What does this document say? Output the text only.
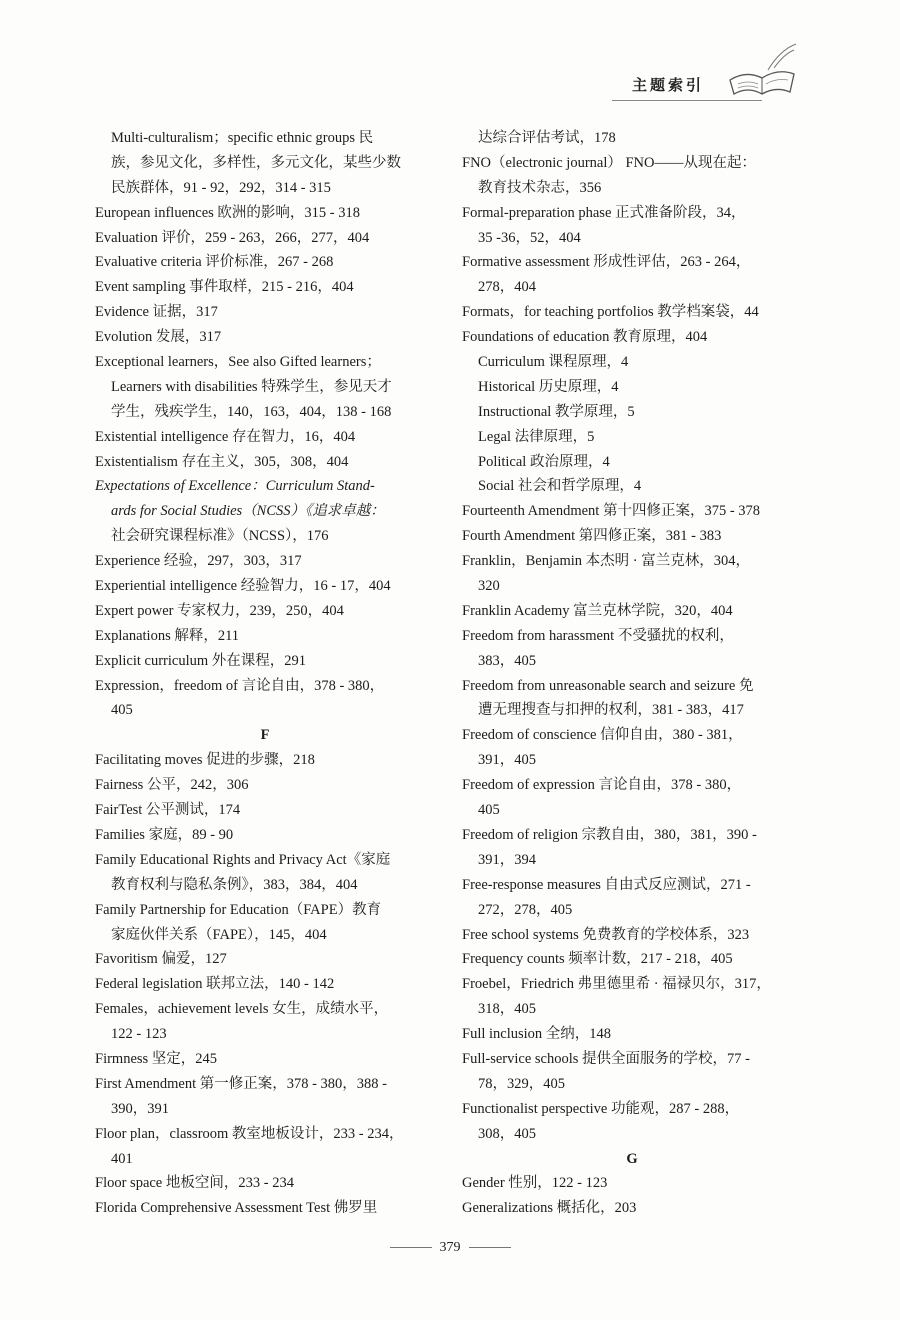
主题索引
Multi-culturalism；specific ethnic groups 民
族，参见文化，多样性，多元文化，某些少数
民族群体，91 - 92，292，314 - 315
European influences 欧洲的影响，315 - 318
Evaluation 评价，259 - 263，266，277，404
Evaluative criteria 评价标准，267 - 268
Event sampling 事件取样，215 - 216，404
Evidence 证据，317
Evolution 发展，317
Exceptional learners，See also Gifted learners；
Learners with disabilities 特殊学生，参见天才
学生，残疾学生，140，163，404，138 - 168
Existential intelligence 存在智力，16，404
Existentialism 存在主义，305，308，404
Expectations of Excellence：Curriculum Stand-
ards for Social Studies（NCSS）《追求卓越：
社会研究课程标准》（NCSS），176
Experience 经验，297，303，317
Experiential intelligence 经验智力，16 - 17，404
Expert power 专家权力，239，250，404
Explanations 解释，211
Explicit curriculum 外在课程，291
Expression，freedom of 言论自由，378 - 380，
405
F
Facilitating moves 促进的步骤，218
Fairness 公平，242，306
FairTest 公平测试，174
Families 家庭，89 - 90
Family Educational Rights and Privacy Act《家庭
教育权利与隐私条例》，383，384，404
Family Partnership for Education（FAPE）教育
家庭伙伴关系（FAPE），145，404
Favoritism 偏爱，127
Federal legislation 联邦立法，140 - 142
Females，achievement levels 女生，成绩水平，
122 - 123
Firmness 坚定，245
First Amendment 第一修正案，378 - 380，388 -
390，391
Floor plan，classroom 教室地板设计，233 - 234，
401
Floor space 地板空间，233 - 234
Florida Comprehensive Assessment Test 佛罗里
达综合评估考试，178
FNO（electronic journal） FNO——从现在起：
教育技术杂志，356
Formal-preparation phase 正式准备阶段，34，
35 -36，52，404
Formative assessment 形成性评估，263 - 264，
278，404
Formats，for teaching portfolios 教学档案袋，44
Foundations of education 教育原理，404
Curriculum 课程原理，4
Historical 历史原理，4
Instructional 教学原理，5
Legal 法律原理，5
Political 政治原理，4
Social 社会和哲学原理，4
Fourteenth Amendment 第十四修正案，375 - 378
Fourth Amendment 第四修正案，381 - 383
Franklin，Benjamin 本杰明 · 富兰克林，304，
320
Franklin Academy 富兰克林学院，320，404
Freedom from harassment 不受骚扰的权利，
383，405
Freedom from unreasonable search and seizure 免
遭无理搜查与扣押的权利，381 - 383，417
Freedom of conscience 信仰自由，380 - 381，
391，405
Freedom of expression 言论自由，378 - 380，
405
Freedom of religion 宗教自由，380，381，390 -
391，394
Free-response measures 自由式反应测试，271 -
272，278，405
Free school systems 免费教育的学校体系，323
Frequency counts 频率计数，217 - 218，405
Froebel，Friedrich 弗里德里希 · 福禄贝尔，317，
318，405
Full inclusion 全纳，148
Full-service schools 提供全面服务的学校，77 -
78，329，405
Functionalist perspective 功能观，287 - 288，
308，405
G
Gender 性别，122 - 123
Generalizations 概括化，203
379
